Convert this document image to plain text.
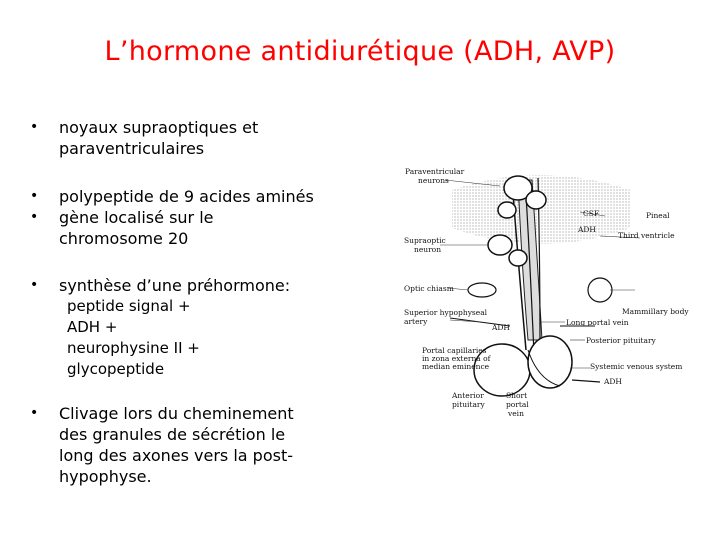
L’hormone antidiurétique (ADH, AVP)
• noyaux supraoptiques et
paraventriculaires
• polypeptide de 9 acides aminés
• gène localisé sur le
chromosome 20
• synthèse d’une préhormone:
peptide signal +
ADH +
neurophysine II +
glycopeptide
• Clivage lors du cheminement
des granules de sécrétion le
long des axones vers la post-
hypophyse.
Paraventricular
neurons
CSF	Pineal
ADH
Third ventricle
Supraoptic
neuron
Optic chiasm
Superior hypophyseal
artery
ADH
Mammillary body
Long portal vein
Posterior pituitary
Portal capillaries
in zona externa of
median eminence	Systemic venous system
ADH
Anterior
pituitary
Short
portal
vein
